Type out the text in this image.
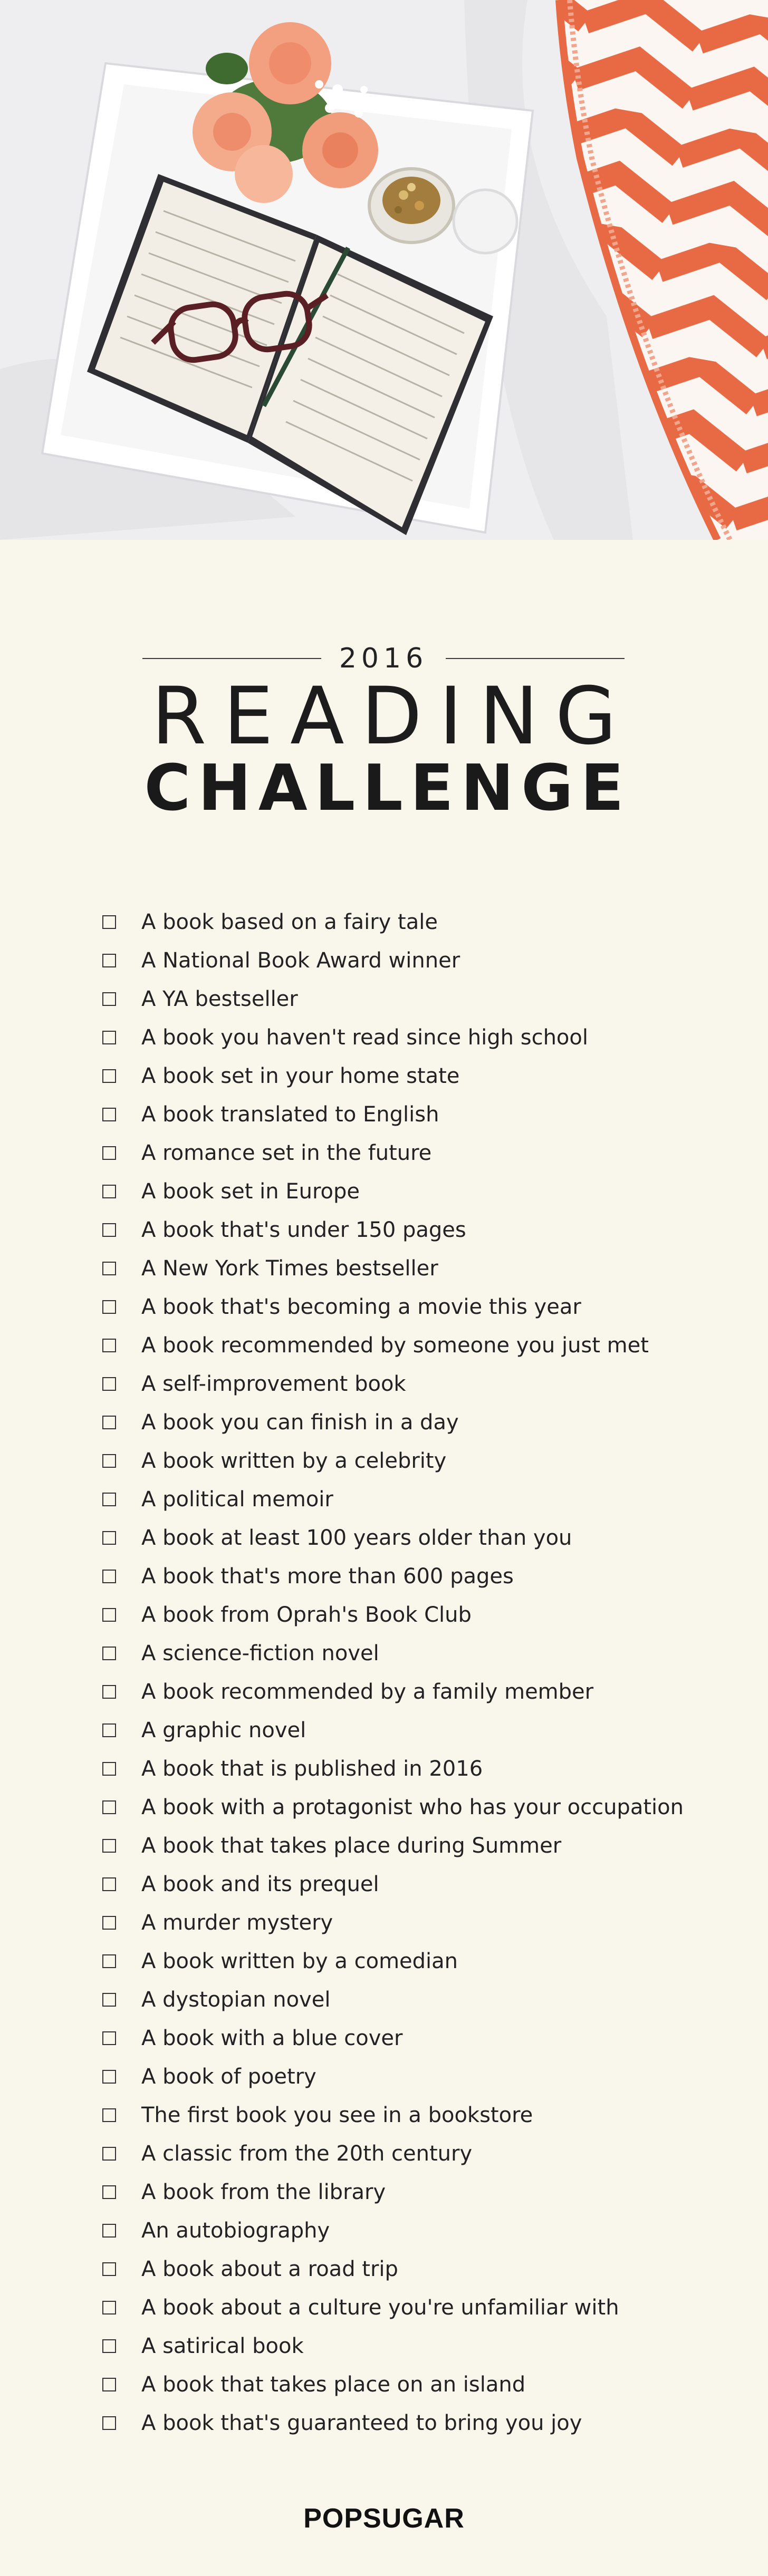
2016
READING
CHALLENGE
A book based on a fairy tale
A National Book Award winner
A YA bestseller
A book you haven't read since high school
A book set in your home state
A book translated to English
A romance set in the future
A book set in Europe
A book that's under 150 pages
A New York Times bestseller
A book that's becoming a movie this year
A book recommended by someone you just met
A self-improvement book
A book you can finish in a day
A book written by a celebrity
A political memoir
A book at least 100 years older than you
A book that's more than 600 pages
A book from Oprah's Book Club
A science-fiction novel
A book recommended by a family member
A graphic novel
A book that is published in 2016
A book with a protagonist who has your occupation
A book that takes place during Summer
A book and its prequel
A murder mystery
A book written by a comedian
A dystopian novel
A book with a blue cover
A book of poetry
The first book you see in a bookstore
A classic from the 20th century
A book from the library
An autobiography
A book about a road trip
A book about a culture you're unfamiliar with
A satirical book
A book that takes place on an island
A book that's guaranteed to bring you joy
POPSUGAR
